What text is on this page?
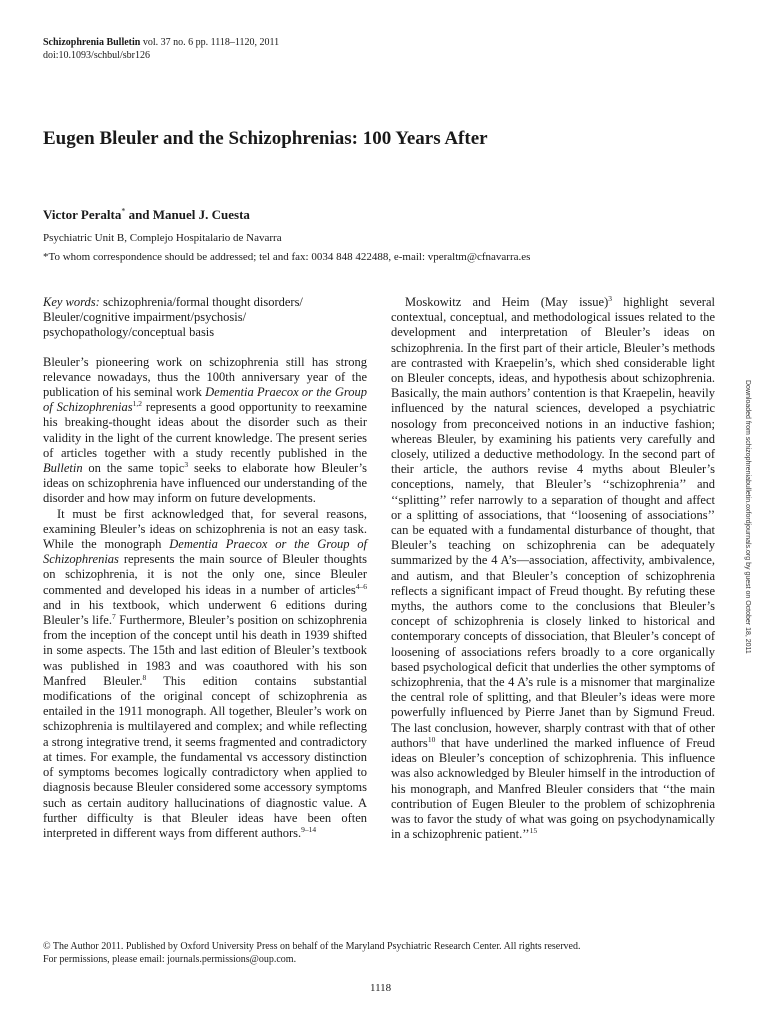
Schizophrenia Bulletin vol. 37 no. 6 pp. 1118–1120, 2011
doi:10.1093/schbul/sbr126
Eugen Bleuler and the Schizophrenias: 100 Years After
Victor Peralta* and Manuel J. Cuesta
Psychiatric Unit B, Complejo Hospitalario de Navarra
*To whom correspondence should be addressed; tel and fax: 0034 848 422488, e-mail: vperaltm@cfnavarra.es

Key words: schizophrenia/formal thought disorders/ Bleuler/cognitive impairment/psychosis/ psychopathology/conceptual basis

Bleuler’s pioneering work on schizophrenia still has strong relevance nowadays, thus the 100th anniversary year of the publication of his seminal work Dementia Praecox or the Group of Schizophrenias$^{1,2}$ represents a good opportunity to reexamine his breaking-thought ideas about the disorder such as their validity in the light of the current knowledge. The present series of articles together with a study recently published in the Bulletin on the same topic$^3$ seeks to elaborate how Bleuler’s ideas on schizophrenia have influenced our understanding of the disorder and how may inform on future developments.

It must be first acknowledged that, for several reasons, examining Bleuler’s ideas on schizophrenia is not an easy task. While the monograph Dementia Praecox or the Group of Schizophrenias represents the main source of Bleuler thoughts on schizophrenia, it is not the only one, since Bleuler commented and developed his ideas in a number of articles$^{4-6}$ and in his textbook, which underwent 6 editions during Bleuler’s life.$^7$ Furthermore, Bleuler’s position on schizophrenia from the inception of the concept until his death in 1939 shifted in some aspects. The 15th and last edition of Bleuler’s textbook was published in 1983 and was coauthored with his son Manfred Bleuler.$^8$ This edition contains substantial modifications of the original concept of schizophrenia as entailed in the 1911 monograph. All together, Bleuler’s work on schizophrenia is multilayered and complex; and while reflecting a strong integrative trend, it seems fragmented and contradictory at times. For example, the fundamental vs accessory distinction of symptoms becomes logically contradictory when applied to diagnosis because Bleuler considered some accessory symptoms such as certain auditory hallucinations of diagnostic value. A further difficulty is that Bleuler ideas have been often interpreted in different ways from different authors.$^{9-14}$

Moskowitz and Heim (May issue)$^3$ highlight several contextual, conceptual, and methodological issues related to the development and interpretation of Bleuler’s ideas on schizophrenia. In the first part of their article, Bleuler’s methods are contrasted with Kraepelin’s, which shed considerable light on Bleuler concepts, ideas, and hypothesis about schizophrenia. Basically, the main authors’ contention is that Kraepelin, heavily influenced by the natural sciences, developed a psychiatric nosology from preconceived notions in an inductive fashion; whereas Bleuler, by examining his patients very carefully and closely, utilized a deductive methodology. In the second part of their article, the authors revise 4 myths about Bleuler’s conceptions, namely, that Bleuler’s ‘‘schizophrenia’’ and ‘‘splitting’’ refer narrowly to a separation of thought and affect or a splitting of associations, that ‘‘loosening of associations’’ can be equated with a fundamental disturbance of thought, that Bleuler’s teaching on schizophrenia can be adequately summarized by the 4 A’s—association, affectivity, ambivalence, and autism, and that Bleuler’s conception of schizophrenia reflects a significant impact of Freud thought. By refuting these myths, the authors come to the conclusions that Bleuler’s concept of schizophrenia is closely linked to historical and contemporary concepts of dissociation, that Bleuler’s concept of loosening of associations refers broadly to a core organically based psychological deficit that underlies the other symptoms of schizophrenia, that the 4 A’s rule is a misnomer that marginalize the central role of splitting, and that Bleuler’s ideas were more powerfully influenced by Pierre Janet than by Sigmund Freud. The last conclusion, however, sharply contrast with that of other authors$^{10}$ that have underlined the marked influence of Freud ideas on Bleuler’s conception of schizophrenia. This influence was also acknowledged by Bleuler himself in the introduction of his monograph, and Manfred Bleuler considers that ‘‘the main contribution of Eugen Bleuler to the problem of schizophrenia was to favor the study of what was going on psychodynamically in a schizophrenic patient.’’$^{15}$

Downloaded from schizophreniabulletin.oxfordjournals.org by guest on October 18, 2011
© The Author 2011. Published by Oxford University Press on behalf of the Maryland Psychiatric Research Center. All rights reserved.
For permissions, please email: journals.permissions@oup.com.
1118
